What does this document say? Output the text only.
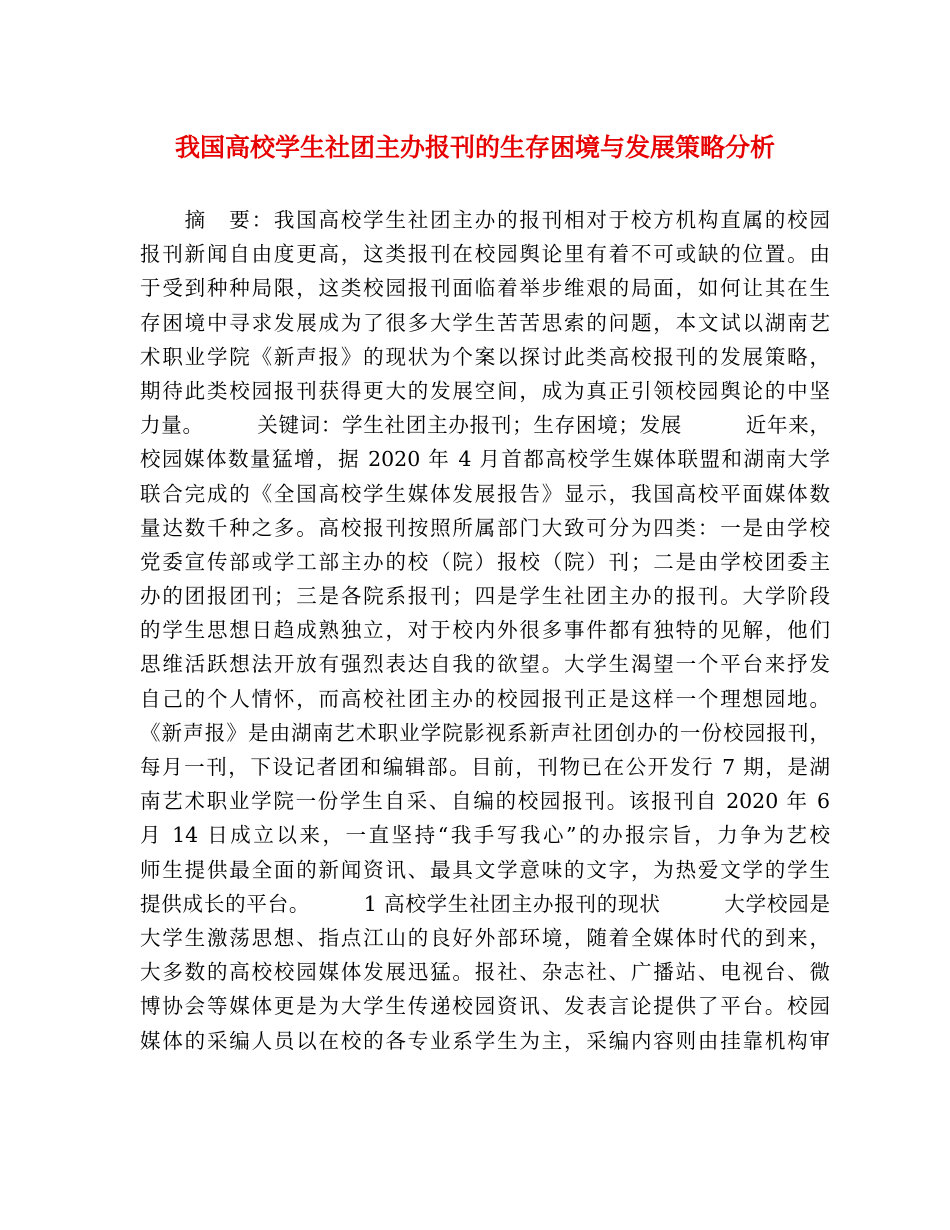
我国高校学生社团主办报刊的生存困境与发展策略分析
　　摘　要：我国高校学生社团主办的报刊相对于校方机构直属的校园
报刊新闻自由度更高，这类报刊在校园舆论里有着不可或缺的位置。由
于受到种种局限，这类校园报刊面临着举步维艰的局面，如何让其在生
存困境中寻求发展成为了很多大学生苦苦思索的问题，本文试以湖南艺
术职业学院《新声报》的现状为个案以探讨此类高校报刊的发展策略，
期待此类校园报刊获得更大的发展空间，成为真正引领校园舆论的中坚
力量。　　　关键词：学生社团主办报刊；生存困境；发展　　　近年来，
校园媒体数量猛增，据 2020 年 4 月首都高校学生媒体联盟和湖南大学
联合完成的《全国高校学生媒体发展报告》显示，我国高校平面媒体数
量达数千种之多。高校报刊按照所属部门大致可分为四类：一是由学校
党委宣传部或学工部主办的校（院）报校（院）刊；二是由学校团委主
办的团报团刊；三是各院系报刊；四是学生社团主办的报刊。大学阶段
的学生思想日趋成熟独立，对于校内外很多事件都有独特的见解，他们
思维活跃想法开放有强烈表达自我的欲望。大学生渴望一个平台来抒发
自己的个人情怀，而高校社团主办的校园报刊正是这样一个理想园地。
《新声报》是由湖南艺术职业学院影视系新声社团创办的一份校园报刊，
每月一刊，下设记者团和编辑部。目前，刊物已在公开发行 7 期，是湖
南艺术职业学院一份学生自采、自编的校园报刊。该报刊自 2020 年 6
月 14 日成立以来，一直坚持“我手写我心”的办报宗旨，力争为艺校
师生提供最全面的新闻资讯、最具文学意味的文字，为热爱文学的学生
提供成长的平台。　　　1 高校学生社团主办报刊的现状　　　大学校园是
大学生激荡思想、指点江山的良好外部环境，随着全媒体时代的到来，
大多数的高校校园媒体发展迅猛。报社、杂志社、广播站、电视台、微
博协会等媒体更是为大学生传递校园资讯、发表言论提供了平台。校园
媒体的采编人员以在校的各专业系学生为主，采编内容则由挂靠机构审
